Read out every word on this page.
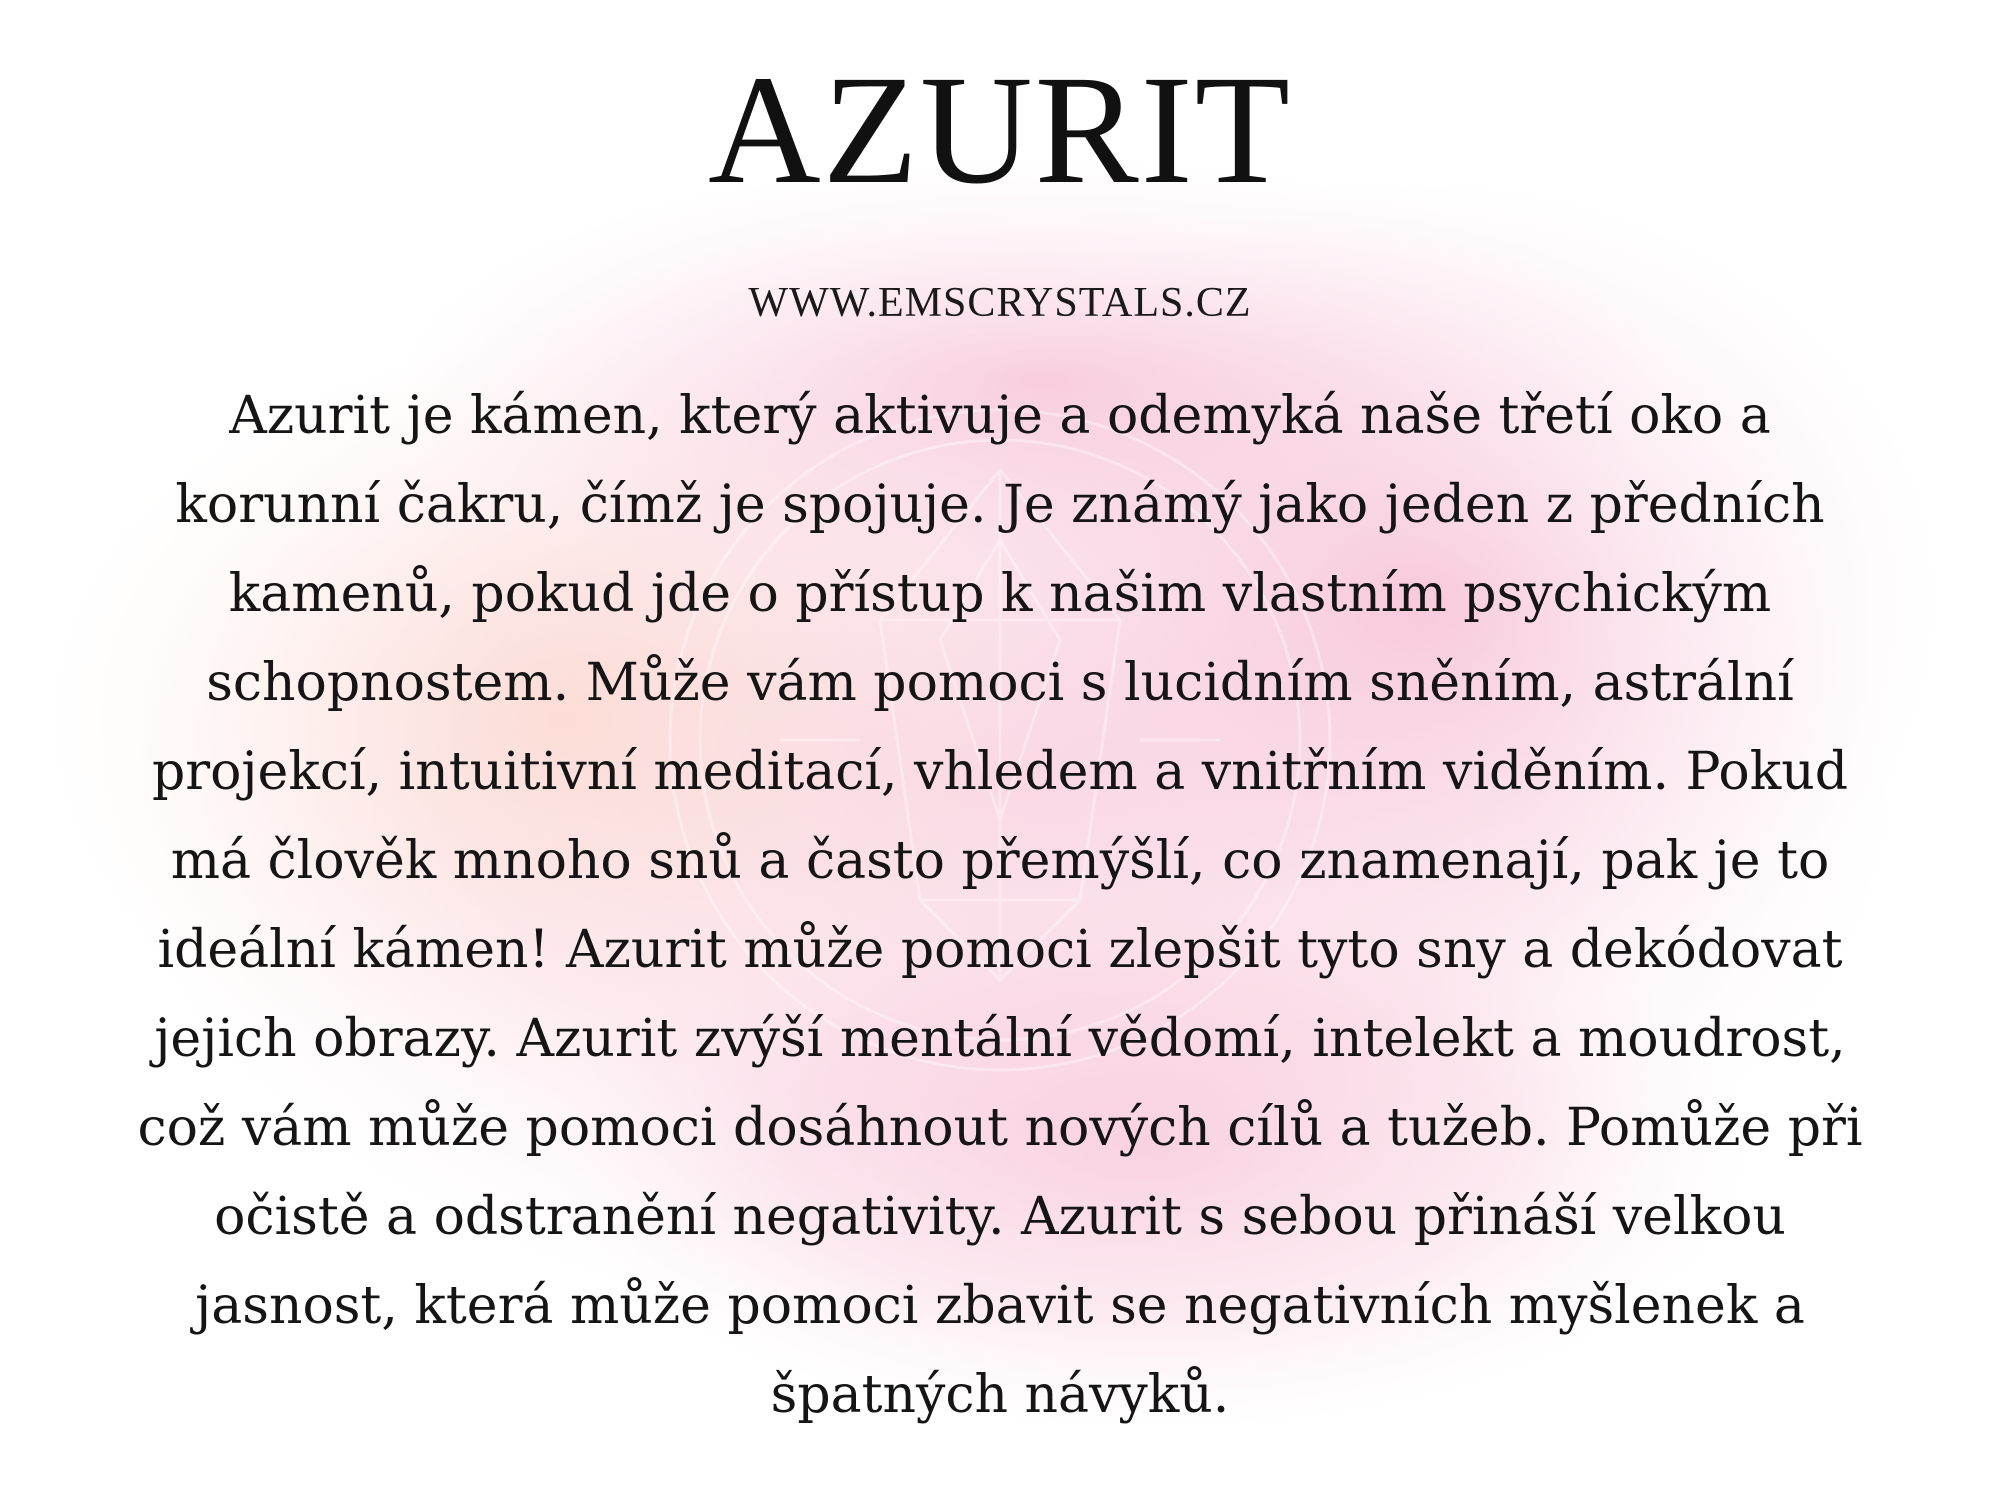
AZURIT
WWW.EMSCRYSTALS.CZ
Azurit je kámen, který aktivuje a odemyká naše třetí oko a
korunní čakru, čímž je spojuje. Je známý jako jeden z předních
kamenů, pokud jde o přístup k našim vlastním psychickým
schopnostem. Může vám pomoci s lucidním sněním, astrální
projekcí, intuitivní meditací, vhledem a vnitřním viděním. Pokud
má člověk mnoho snů a často přemýšlí, co znamenají, pak je to
ideální kámen! Azurit může pomoci zlepšit tyto sny a dekódovat
jejich obrazy. Azurit zvýší mentální vědomí, intelekt a moudrost,
což vám může pomoci dosáhnout nových cílů a tužeb. Pomůže při
očistě a odstranění negativity. Azurit s sebou přináší velkou
jasnost, která může pomoci zbavit se negativních myšlenek a
špatných návyků.
